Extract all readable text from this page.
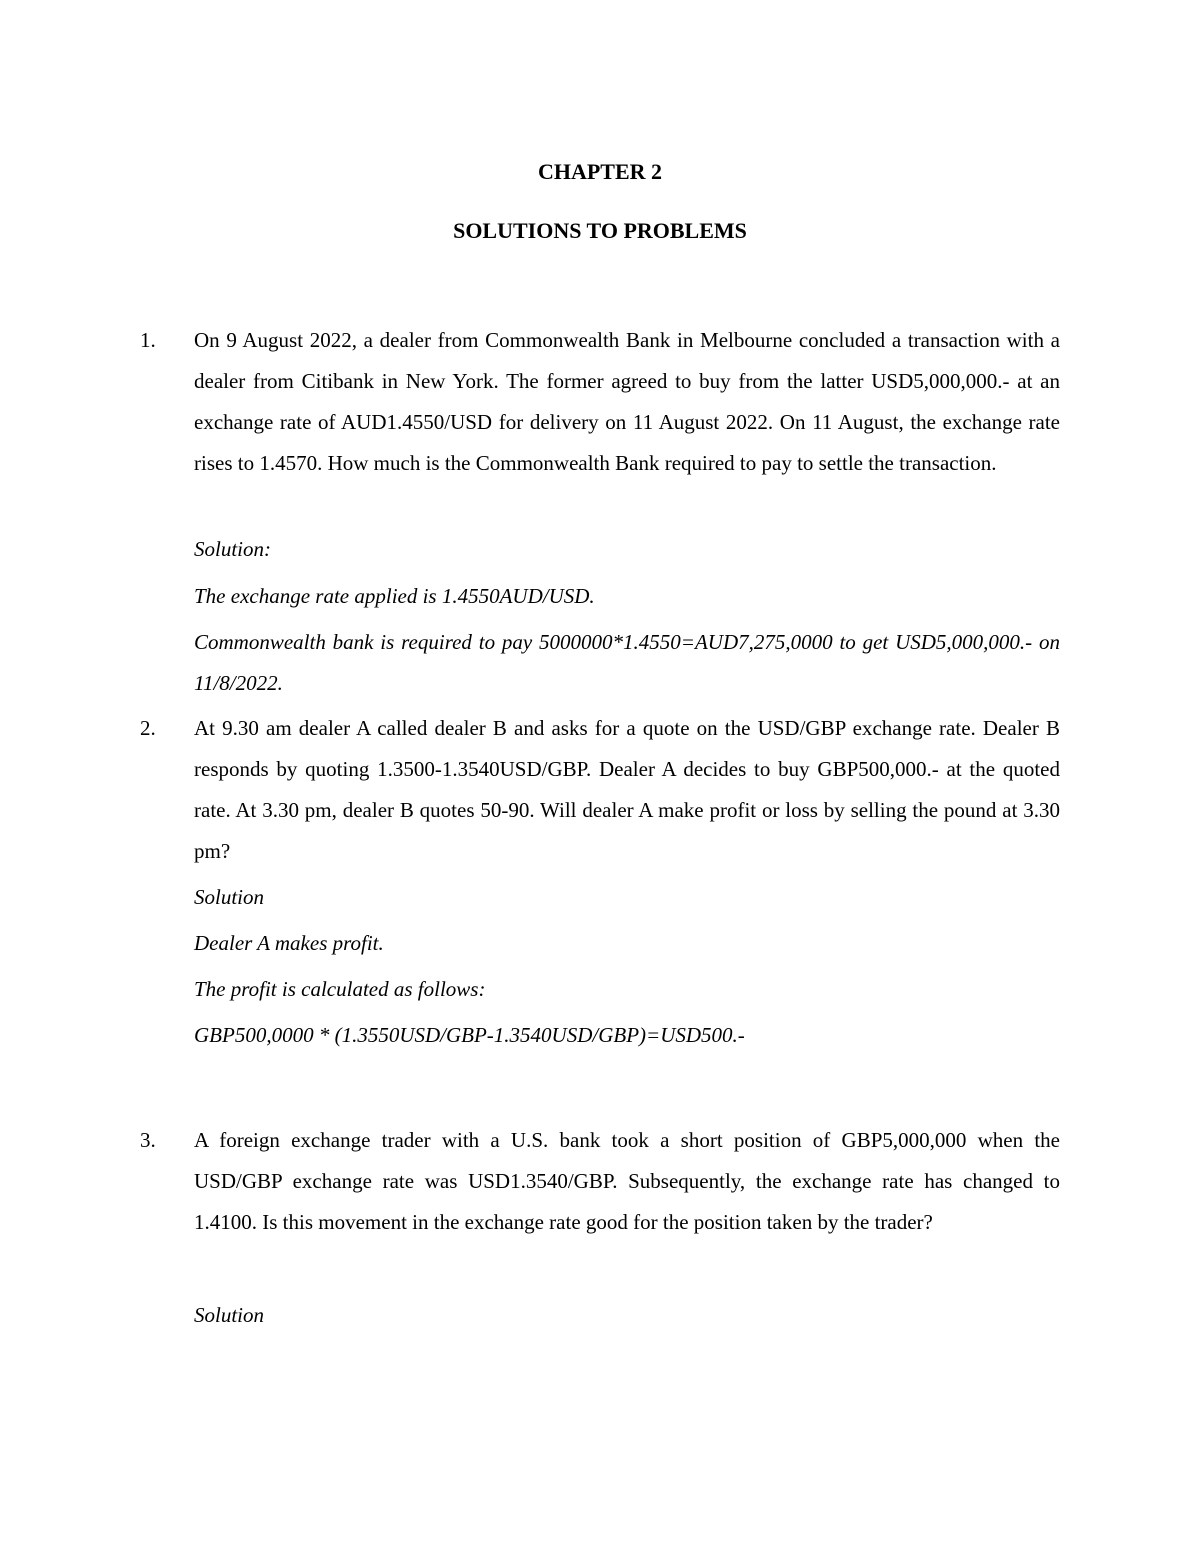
CHAPTER 2
SOLUTIONS TO PROBLEMS
1. On 9 August 2022, a dealer from Commonwealth Bank in Melbourne concluded a transaction with a dealer from Citibank in New York. The former agreed to buy from the latter USD5,000,000.- at an exchange rate of AUD1.4550/USD for delivery on 11 August 2022. On 11 August, the exchange rate rises to 1.4570. How much is the Commonwealth Bank required to pay to settle the transaction.

Solution:

The exchange rate applied is 1.4550AUD/USD.

Commonwealth bank is required to pay 5000000*1.4550=AUD7,275,0000 to get USD5,000,000.- on 11/8/2022.

2. At 9.30 am dealer A called dealer B and asks for a quote on the USD/GBP exchange rate. Dealer B responds by quoting 1.3500-1.3540USD/GBP. Dealer A decides to buy GBP500,000.- at the quoted rate. At 3.30 pm, dealer B quotes 50-90. Will dealer A make profit or loss by selling the pound at 3.30 pm?

Solution

Dealer A makes profit.

The profit is calculated as follows:

GBP500,0000 * (1.3550USD/GBP-1.3540USD/GBP)=USD500.-

3. A foreign exchange trader with a U.S. bank took a short position of GBP5,000,000 when the USD/GBP exchange rate was USD1.3540/GBP. Subsequently, the exchange rate has changed to 1.4100. Is this movement in the exchange rate good for the position taken by the trader?

Solution
